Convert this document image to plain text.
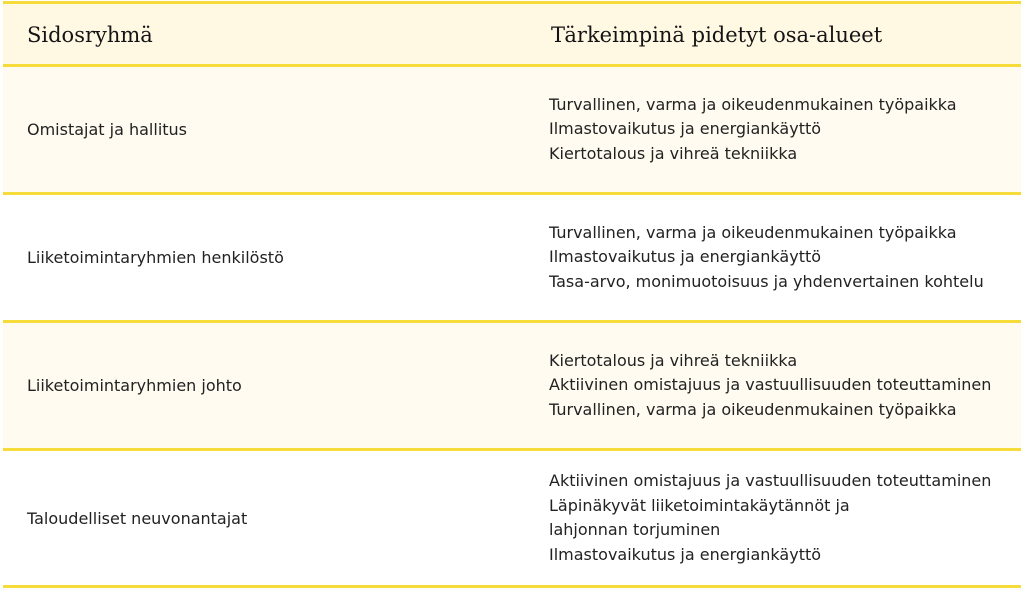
Sidosryhmä	Tärkeimpinä pidetyt osa-alueet
Omistajat ja hallitus
Turvallinen, varma ja oikeudenmukainen työpaikka
Ilmastovaikutus ja energiankäyttö
Kiertotalous ja vihreä tekniikka
Liiketoimintaryhmien henkilöstö
Turvallinen, varma ja oikeudenmukainen työpaikka
Ilmastovaikutus ja energiankäyttö
Tasa-arvo, monimuotoisuus ja yhdenvertainen kohtelu
Liiketoimintaryhmien johto
Kiertotalous ja vihreä tekniikka
Aktiivinen omistajuus ja vastuullisuuden toteuttaminen
Turvallinen, varma ja oikeudenmukainen työpaikka
Taloudelliset neuvonantajat
Aktiivinen omistajuus ja vastuullisuuden toteuttaminen
Läpinäkyvät liiketoimintakäytännöt ja
lahjonnan torjuminen
Ilmastovaikutus ja energiankäyttö
